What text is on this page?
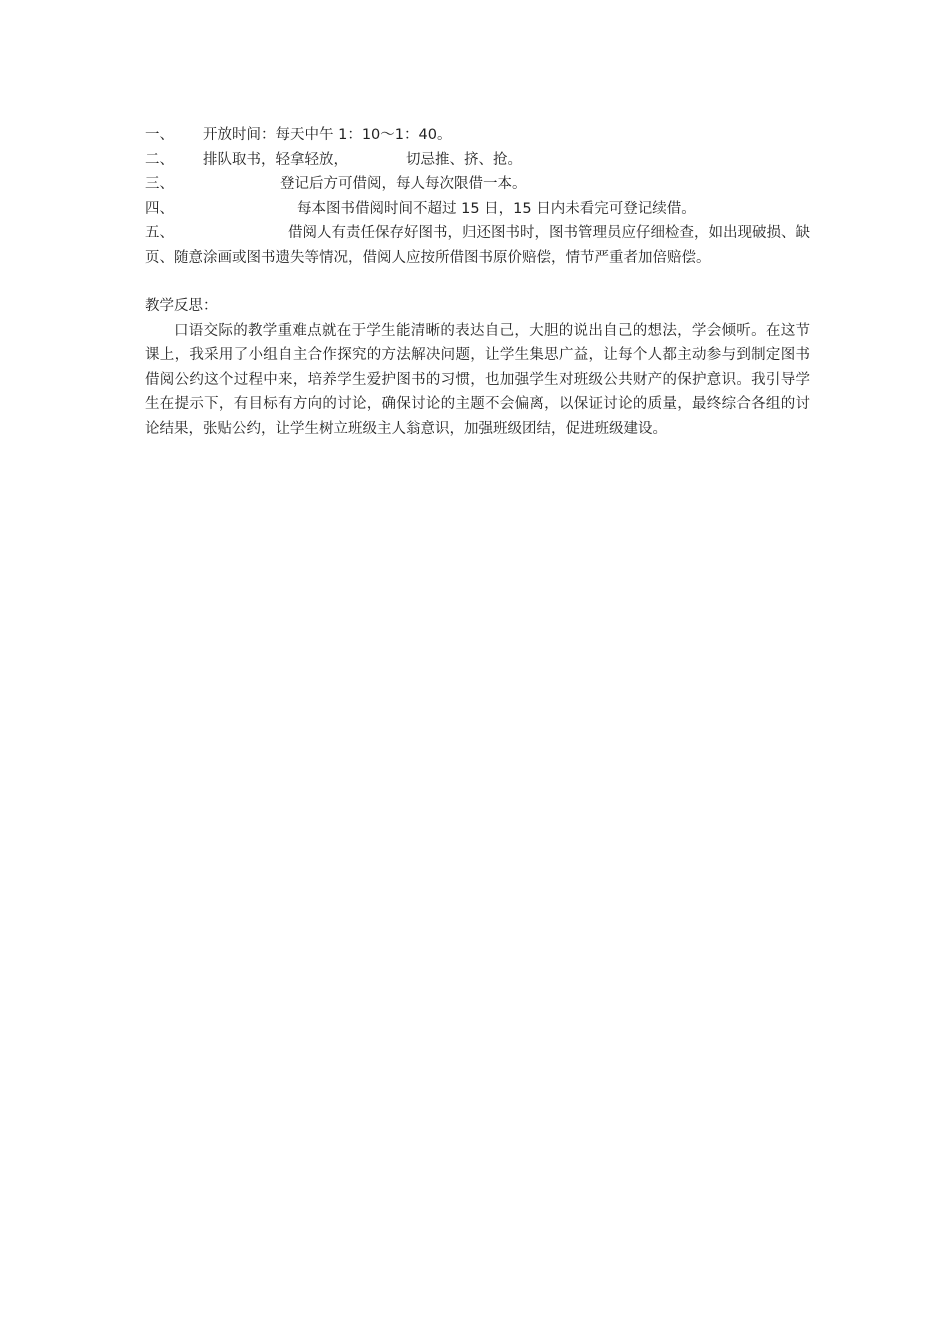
一、 开放时间：每天中午 1：10～1：40。

二、 排队取书，轻拿轻放，	切忌推、挤、抢。

三、	登记后方可借阅，每人每次限借一本。

四、	每本图书借阅时间不超过 15 日，15 日内未看完可登记续借。

五、	借阅人有责任保存好图书，归还图书时，图书管理员应仔细检查，如出现破损、缺页、随意涂画或图书遗失等情况，借阅人应按所借图书原价赔偿，情节严重者加倍赔偿。

教学反思：

口语交际的教学重难点就在于学生能清晰的表达自己，大胆的说出自己的想法，学会倾听。在这节课上，我采用了小组自主合作探究的方法解决问题，让学生集思广益，让每个人都主动参与到制定图书借阅公约这个过程中来，培养学生爱护图书的习惯，也加强学生对班级公共财产的保护意识。我引导学生在提示下，有目标有方向的讨论，确保讨论的主题不会偏离，以保证讨论的质量，最终综合各组的讨论结果，张贴公约，让学生树立班级主人翁意识，加强班级团结，促进班级建设。
